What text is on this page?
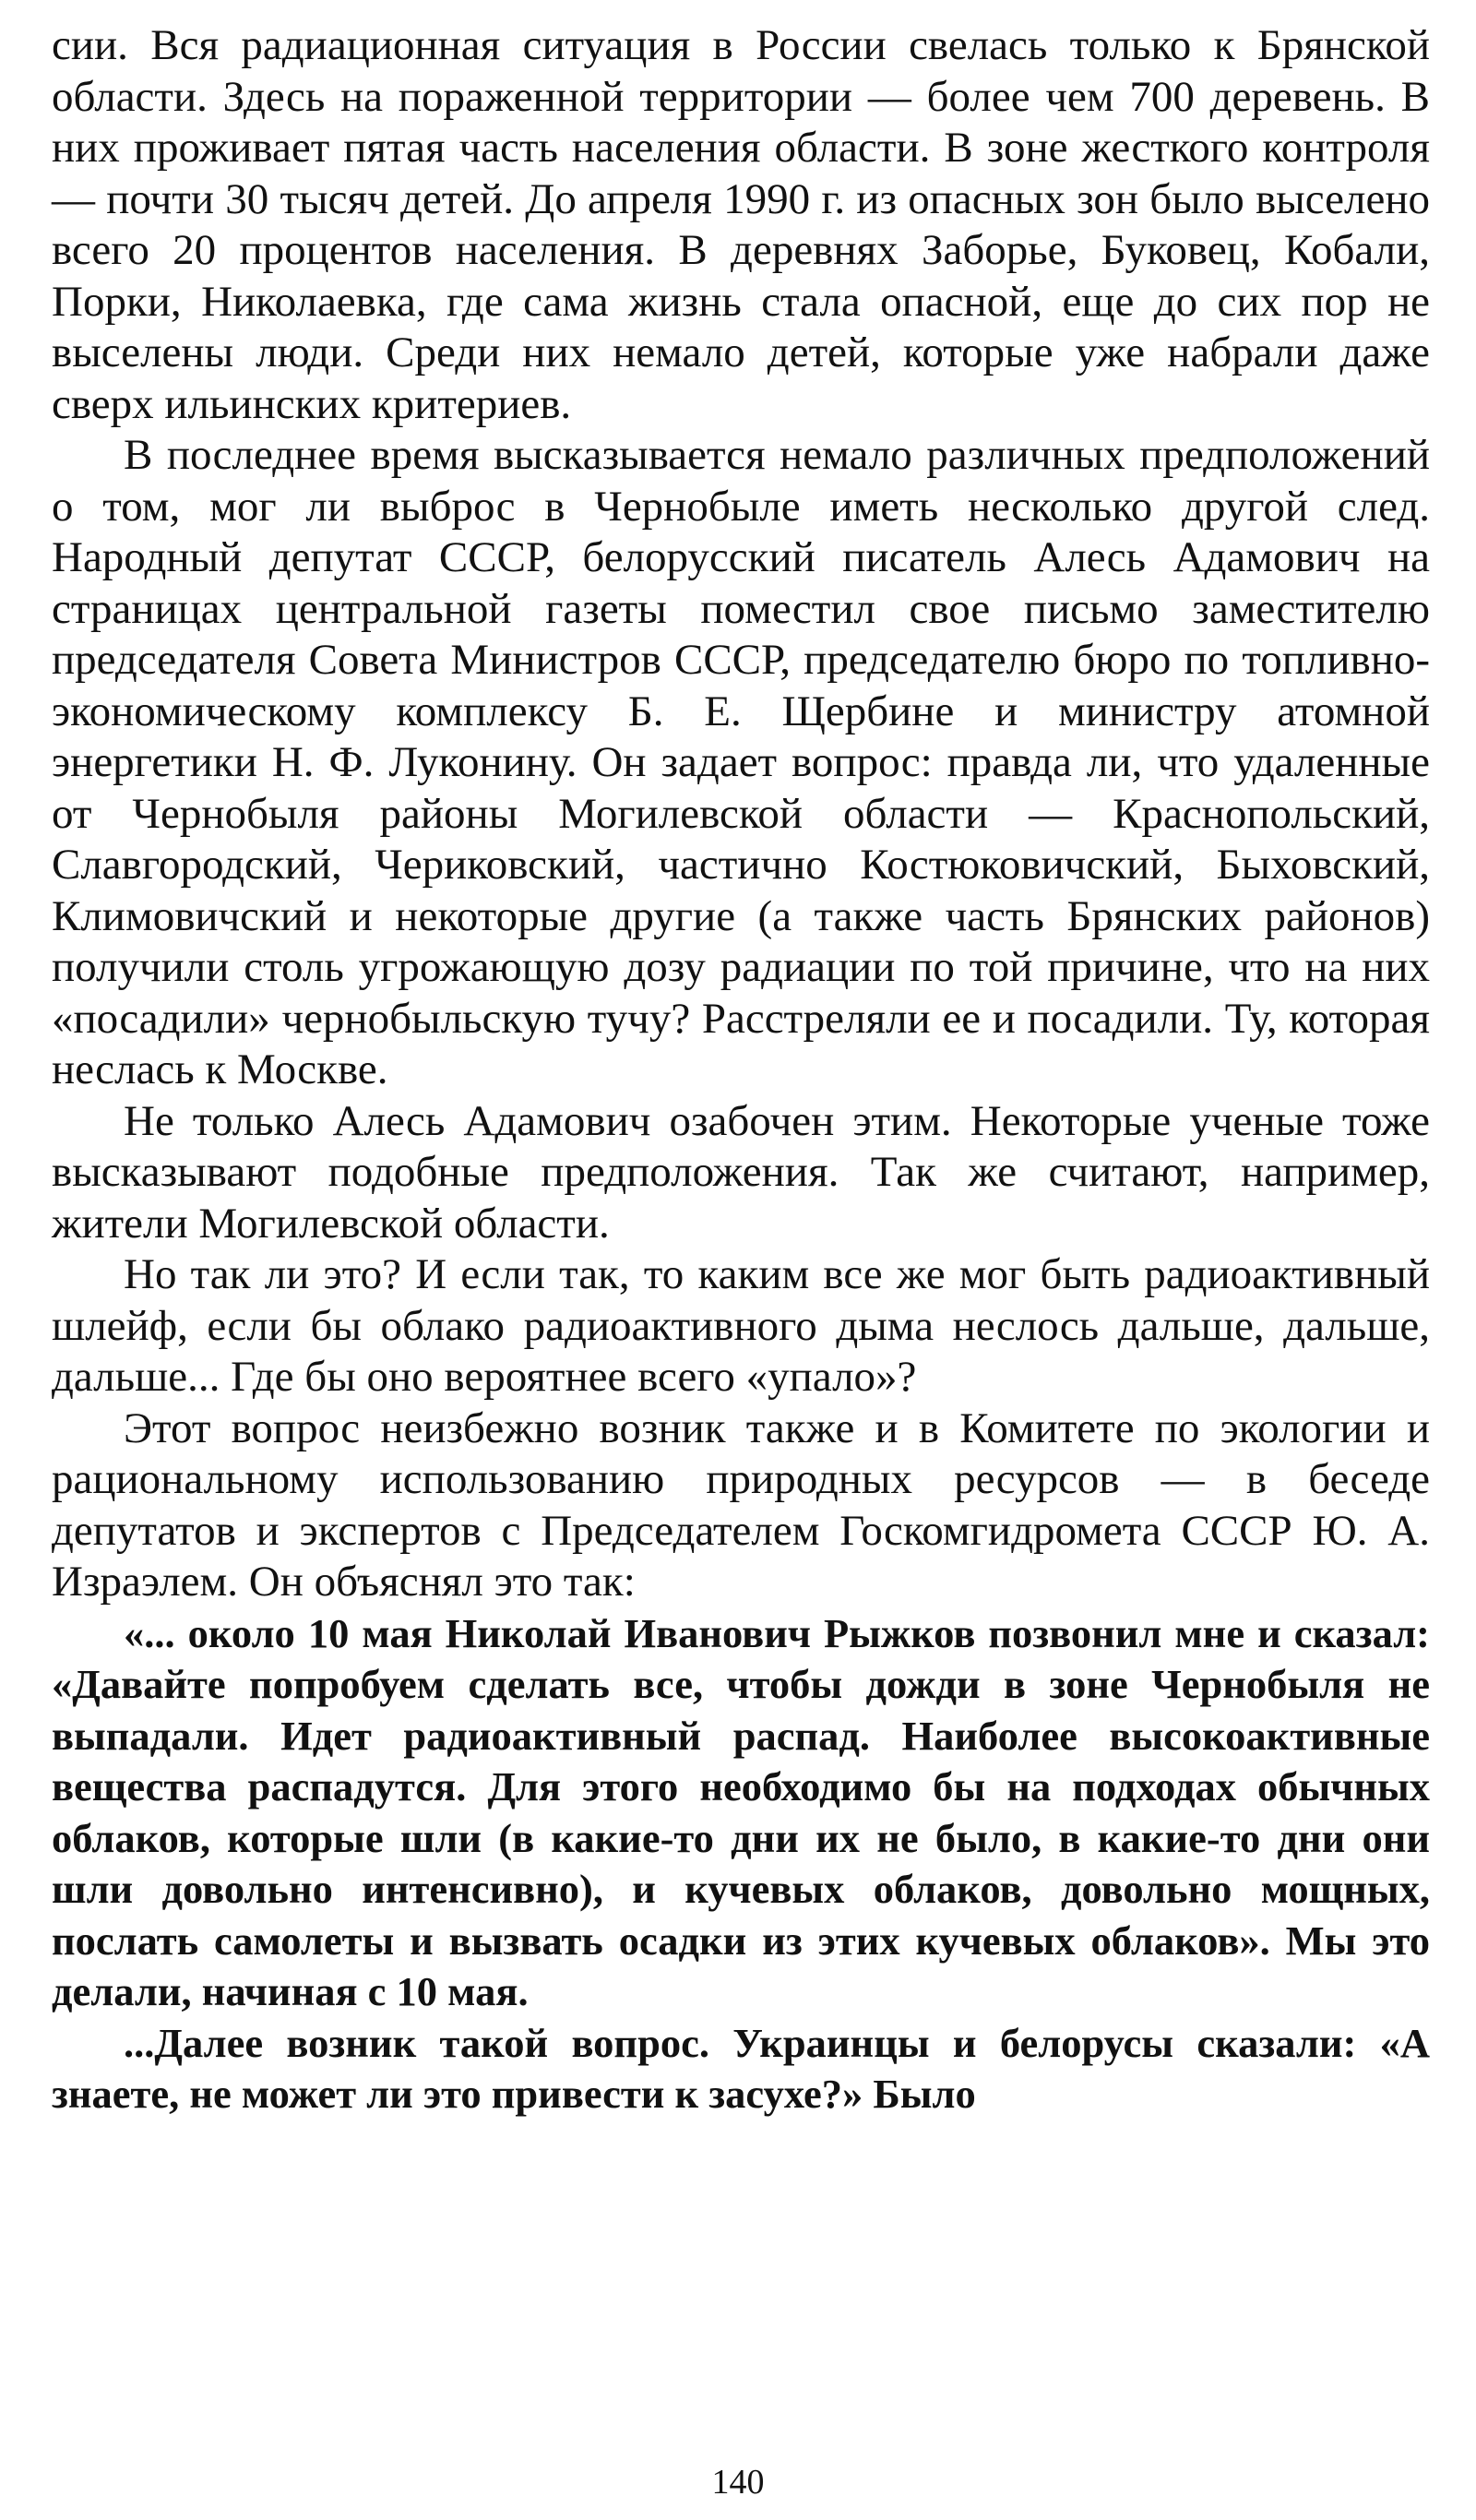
сии. Вся радиационная ситуация в России свелась только к Брянской области. Здесь на пораженной территории — более чем 700 деревень. В них проживает пятая часть населения области. В зоне жесткого контроля — почти 30 тысяч детей. До апреля 1990 г. из опасных зон было выселено всего 20 процентов населения. В деревнях Заборье, Буковец, Кобали, Порки, Николаевка, где сама жизнь стала опасной, еще до сих пор не выселены люди. Среди них немало детей, которые уже набрали даже сверх ильинских критериев.

В последнее время высказывается немало различных предположений о том, мог ли выброс в Чернобыле иметь несколько другой след. Народный депутат СССР, белорусский писатель Алесь Адамович на страницах центральной газеты поместил свое письмо заместителю председателя Совета Министров СССР, председателю бюро по топливно-экономическому комплексу Б. Е. Щербине и министру атомной энергетики Н. Ф. Луконину. Он задает вопрос: правда ли, что удаленные от Чернобыля районы Могилевской области — Краснопольский, Славгородский, Чериковский, частично Костюковичский, Быховский, Климовичский и некоторые другие (а также часть Брянских районов) получили столь угрожающую дозу радиации по той причине, что на них «посадили» чернобыльскую тучу? Расстреляли ее и посадили. Ту, которая неслась к Москве.

Не только Алесь Адамович озабочен этим. Некоторые ученые тоже высказывают подобные предположения. Так же считают, например, жители Могилевской области.

Но так ли это? И если так, то каким все же мог быть радиоактивный шлейф, если бы облако радиоактивного дыма неслось дальше, дальше, дальше... Где бы оно вероятнее всего «упало»?

Этот вопрос неизбежно возник также и в Комитете по экологии и рациональному использованию природных ресурсов — в беседе депутатов и экспертов с Председателем Госкомгидромета СССР Ю. А. Израэлем. Он объяснял это так:

«... около 10 мая Николай Иванович Рыжков позвонил мне и сказал: «Давайте попробуем сделать все, чтобы дожди в зоне Чернобыля не выпадали. Идет радиоактивный распад. Наиболее высокоактивные вещества распадутся. Для этого необходимо бы на подходах обычных облаков, которые шли (в какие-то дни их не было, в какие-то дни они шли довольно интенсивно), и кучевых облаков, довольно мощных, послать самолеты и вызвать осадки из этих кучевых облаков». Мы это делали, начиная с 10 мая.

...Далее возник такой вопрос. Украинцы и белорусы сказали: «А знаете, не может ли это привести к засухе?» Было

140
